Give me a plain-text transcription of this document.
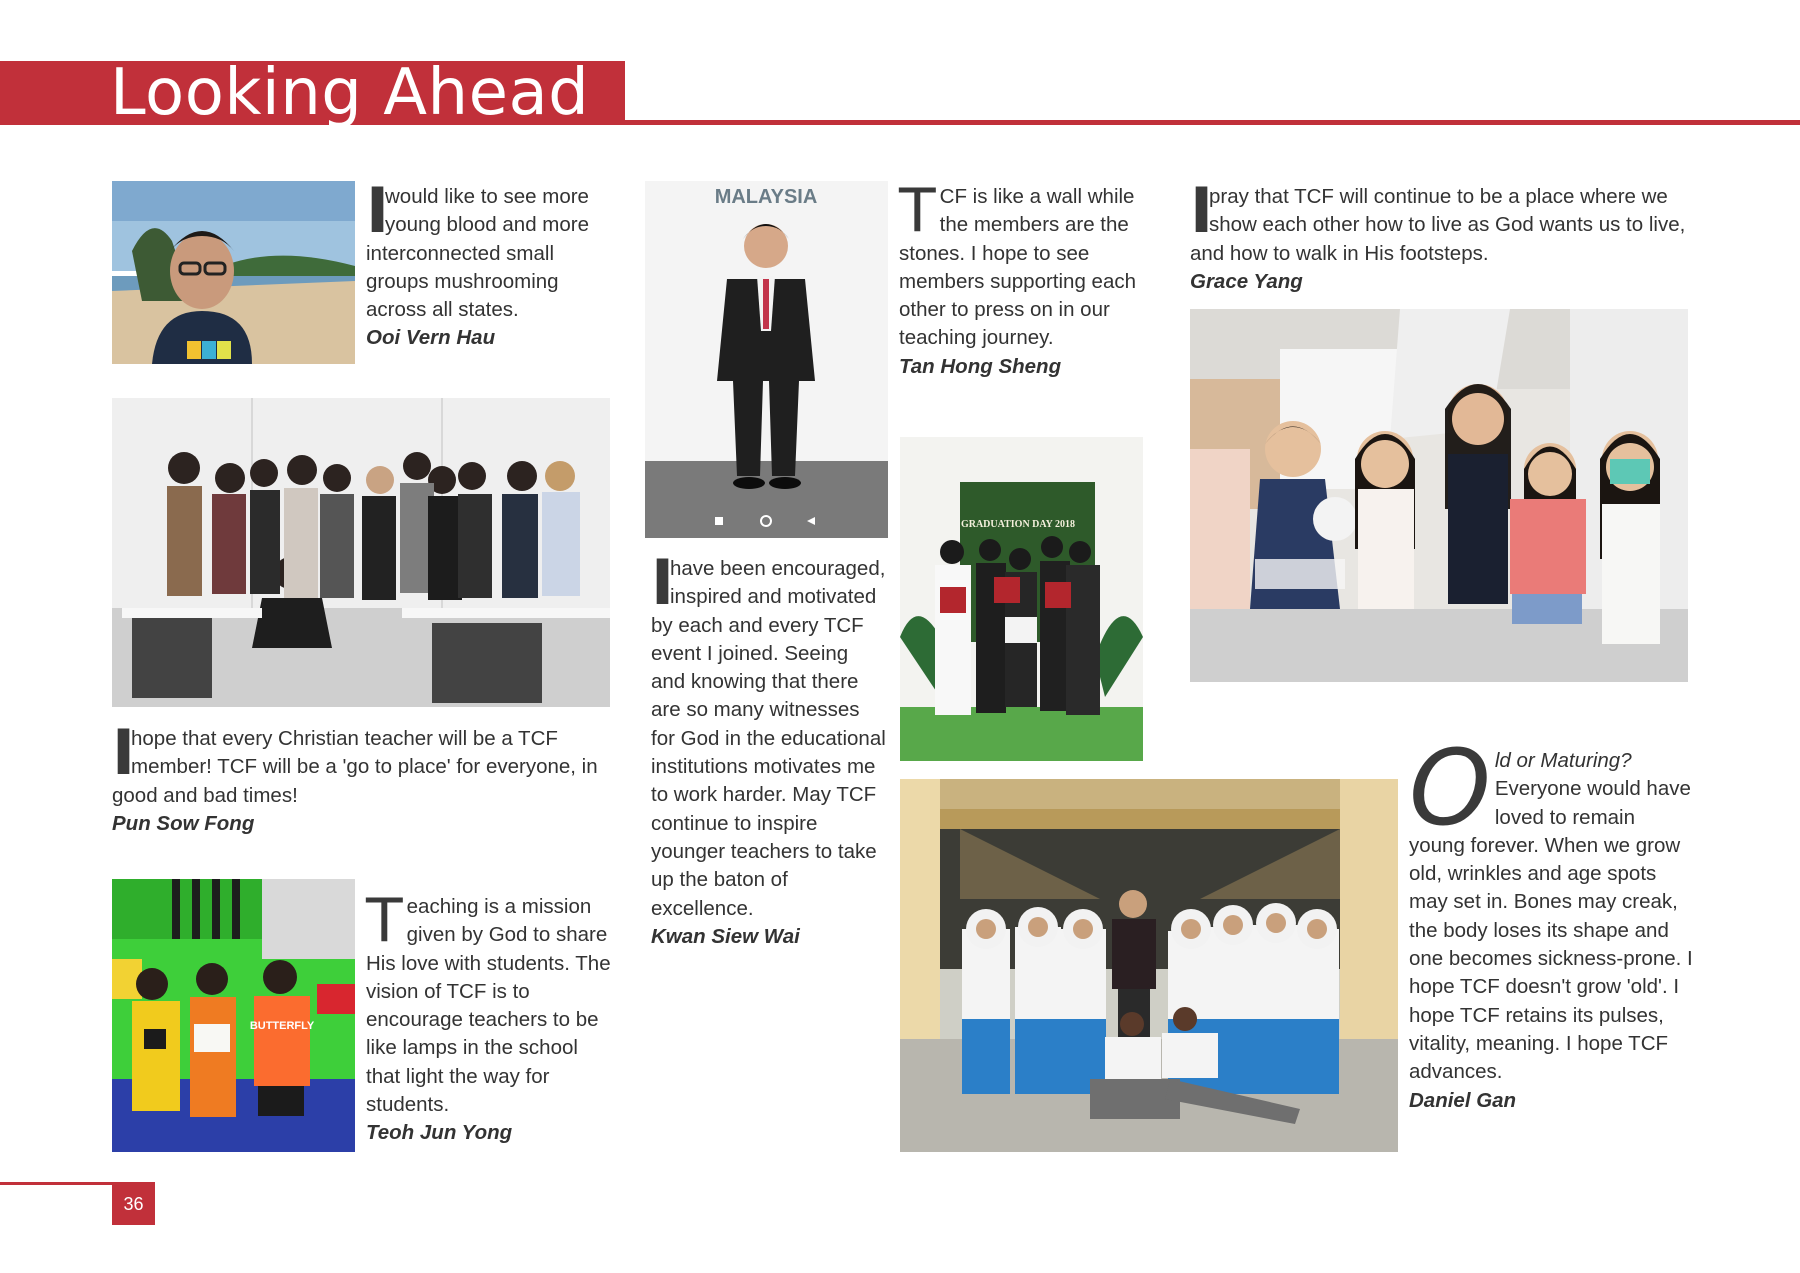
Looking Ahead
I
would like to see more young blood and more interconnected small groups mushrooming across all states.
Ooi Vern Hau
I
hope that every Christian teacher will be a TCF member! TCF will be a 'go to place' for everyone, in good and bad times!
Pun Sow Fong
BUTTERFLY
Teaching is a mission given by God to share His love with students. The vision of TCF is to encourage teachers to be like lamps in the school that light the way for students.
Teoh Jun Yong
MALAYSIA
I
have been encouraged, inspired and motivated by each and every TCF event I joined. Seeing and knowing that there are so many witnesses for God in the educational institutions motivates me to work harder. May TCF continue to inspire younger teachers to take up the baton of excellence.
Kwan Siew Wai
TCF is like a wall while the members are the stones. I hope to see members supporting each other to press on in our teaching journey.
Tan Hong Sheng
GRADUATION DAY 2018
I
pray that TCF will continue to be a place where we show each other how to live as God wants us to live, and how to walk in His footsteps.
Grace Yang
Old or Maturing? Everyone would have loved to remain young forever. When we grow old, wrinkles and age spots may set in. Bones may creak, the body loses its shape and one becomes sickness-prone. I hope TCF doesn't grow 'old'. I hope TCF retains its pulses, vitality, meaning. I hope TCF advances.
Daniel Gan
36
